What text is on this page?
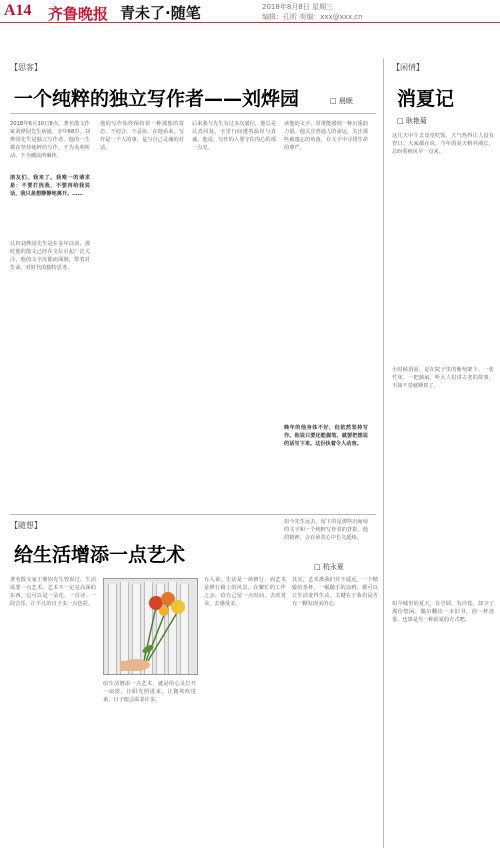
A14 齐鲁晚报 青未了·随笔	2018年8月8日 星期三
编辑：孔昕 美编：xxx@xxx.cn
【思客】
一个纯粹的独立写作者——刘烨园	□ 晨眠
2018年6月30日8点，著名散文作家刘烨园先生病逝，享年68岁。刘烨园先生是独立写作者，他的一生都在坚持纯粹的写作，不为名利所动，不为潮流所裹挟。
朋友们，我来了。我唯一的请求是：不要打扰我，不要再给我说话，我只是想静静地离开。……
认识刘烨园先生是在多年以前，那时他的散文已经在文坛引起广泛关注，他的文字沉郁而深刻，带着对生命、对时代的独特思考。
他的写作始终保持着一种孤独的姿态，不迎合，不妥协。在他看来，写作是一个人的事，是与自己灵魂的对话。
后来我与先生有过多次通信，他总是认真回复，字里行间透着温厚与真诚。他说，写作的人要守住内心的那一点光。
读他的文字，常常能感到一种沉重的力量。他关注普通人的命运，关注那些被遗忘的角落，在文字中寻找生命的尊严。
晚年的他身体不好，但依然坚持写作。他说只要还能握笔，就要把想说的话写下来。这份执着令人动容。
如今先生远去，留下的是那些沉甸甸的文字和一个纯粹写作者的背影。他的精神，会在读者心中长久延续。
【闲情】
消夏记
□ 耿艳菊
这几天中午去食堂吃饭，天气热得让人没有胃口。大家都在说，今年的夏天格外漫长，总盼着秋风早一点来。
小时候消夏，是在院子里的葡萄架下。一张竹床，一把蒲扇，听大人们讲古老的故事，不知不觉就睡着了。
如今城里的夏天，有空调，有冷饮，却少了那份悠闲。偶尔翻出一本旧书，泡一杯清茶，也算是另一种消夏的方式吧。
【随想】
给生活增添一点艺术
□ 杭永夏
著名散文家王鼎钧先生曾说过，生活需要一点艺术。艺术不一定是高深的东西，它可以是一朵花、一首诗、一段音乐，让平凡的日子多一点色彩。
有人说，生活是一场修行，而艺术是修行路上的风景。在繁忙的工作之余，给自己留一点时间，去欣赏美，去感受美。
其实，艺术离我们并不遥远。一个精致的茶杯，一幅随手的涂鸦，都可以让生活变得生动。关键在于我们是否有一颗发现美的心。
给生活增添一点艺术，就是给心灵打开一扇窗。让阳光照进来，让微风吹进来，日子便会温柔许多。
